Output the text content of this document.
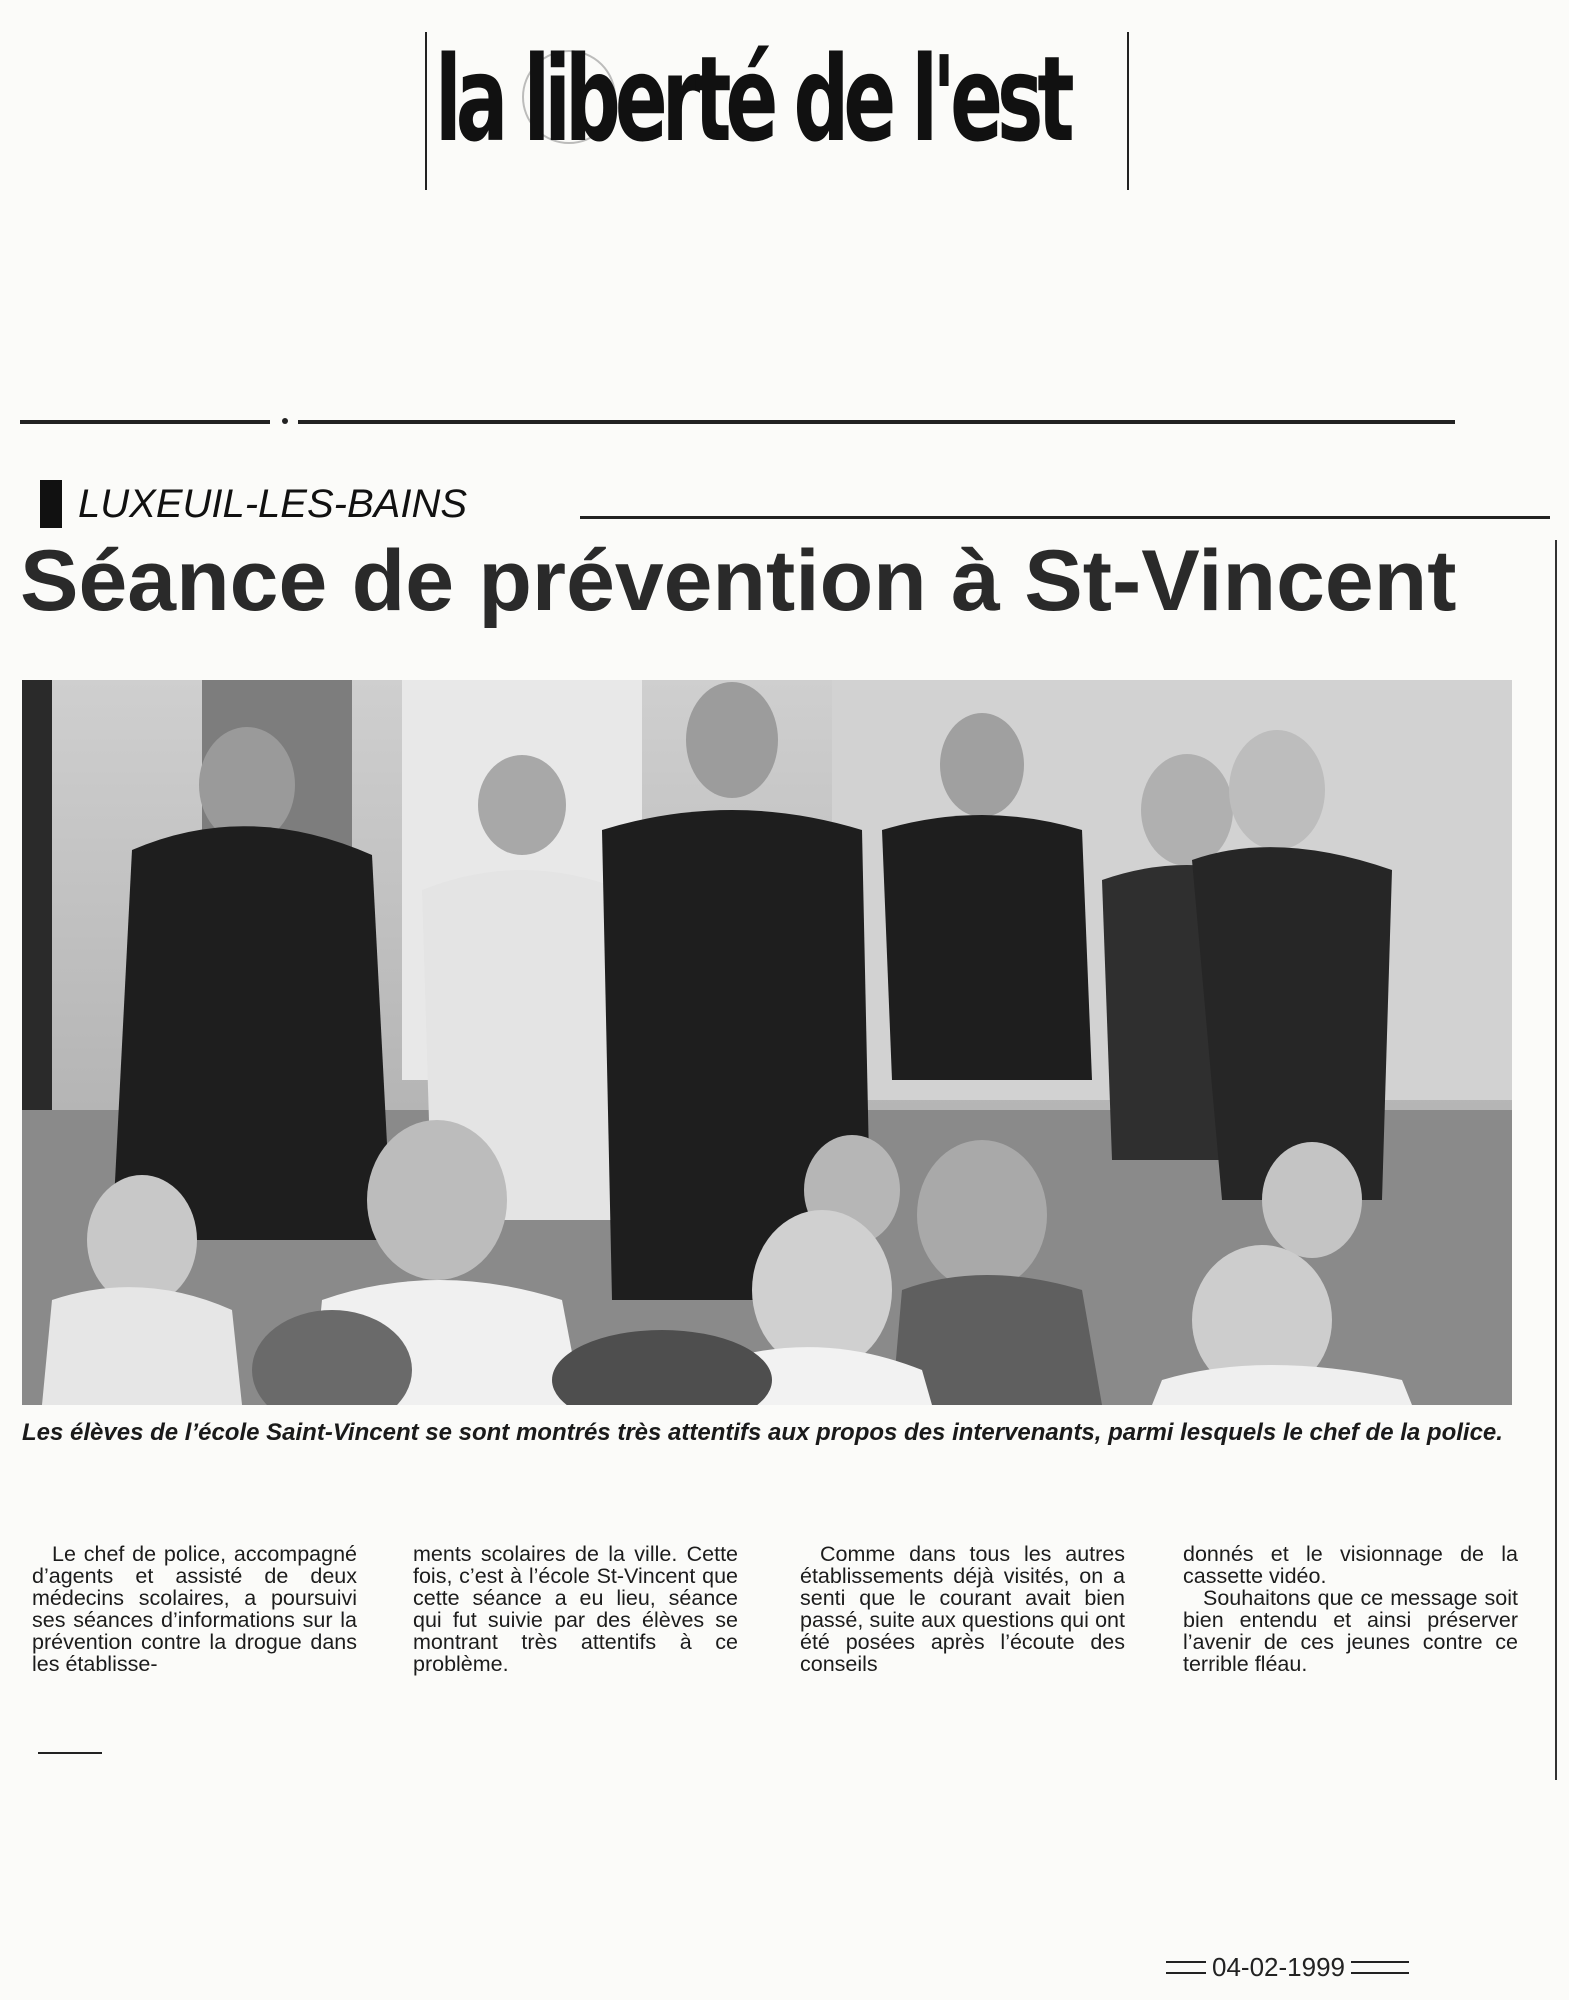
la liberté de l'est
LUXEUIL-LES-BAINS
Séance de prévention à St-Vincent
Les élèves de l’école Saint-Vincent se sont montrés très attentifs aux propos des intervenants, parmi lesquels le chef de la police.

Le chef de police, accompagné d’agents et assisté de deux médecins scolaires, a poursuivi ses séances d’informations sur la prévention contre la drogue dans les établisse-

ments scolaires de la ville. Cette fois, c’est à l’école St-Vincent que cette séance a eu lieu, séance qui fut suivie par des élèves se montrant très attentifs à ce problème.

Comme dans tous les autres établissements déjà visités, on a senti que le courant avait bien passé, suite aux questions qui ont été posées après l’écoute des conseils

donnés et le visionnage de la cassette vidéo.

Souhaitons que ce message soit bien entendu et ainsi préserver l’avenir de ces jeunes contre ce terrible fléau.

04-02-1999
